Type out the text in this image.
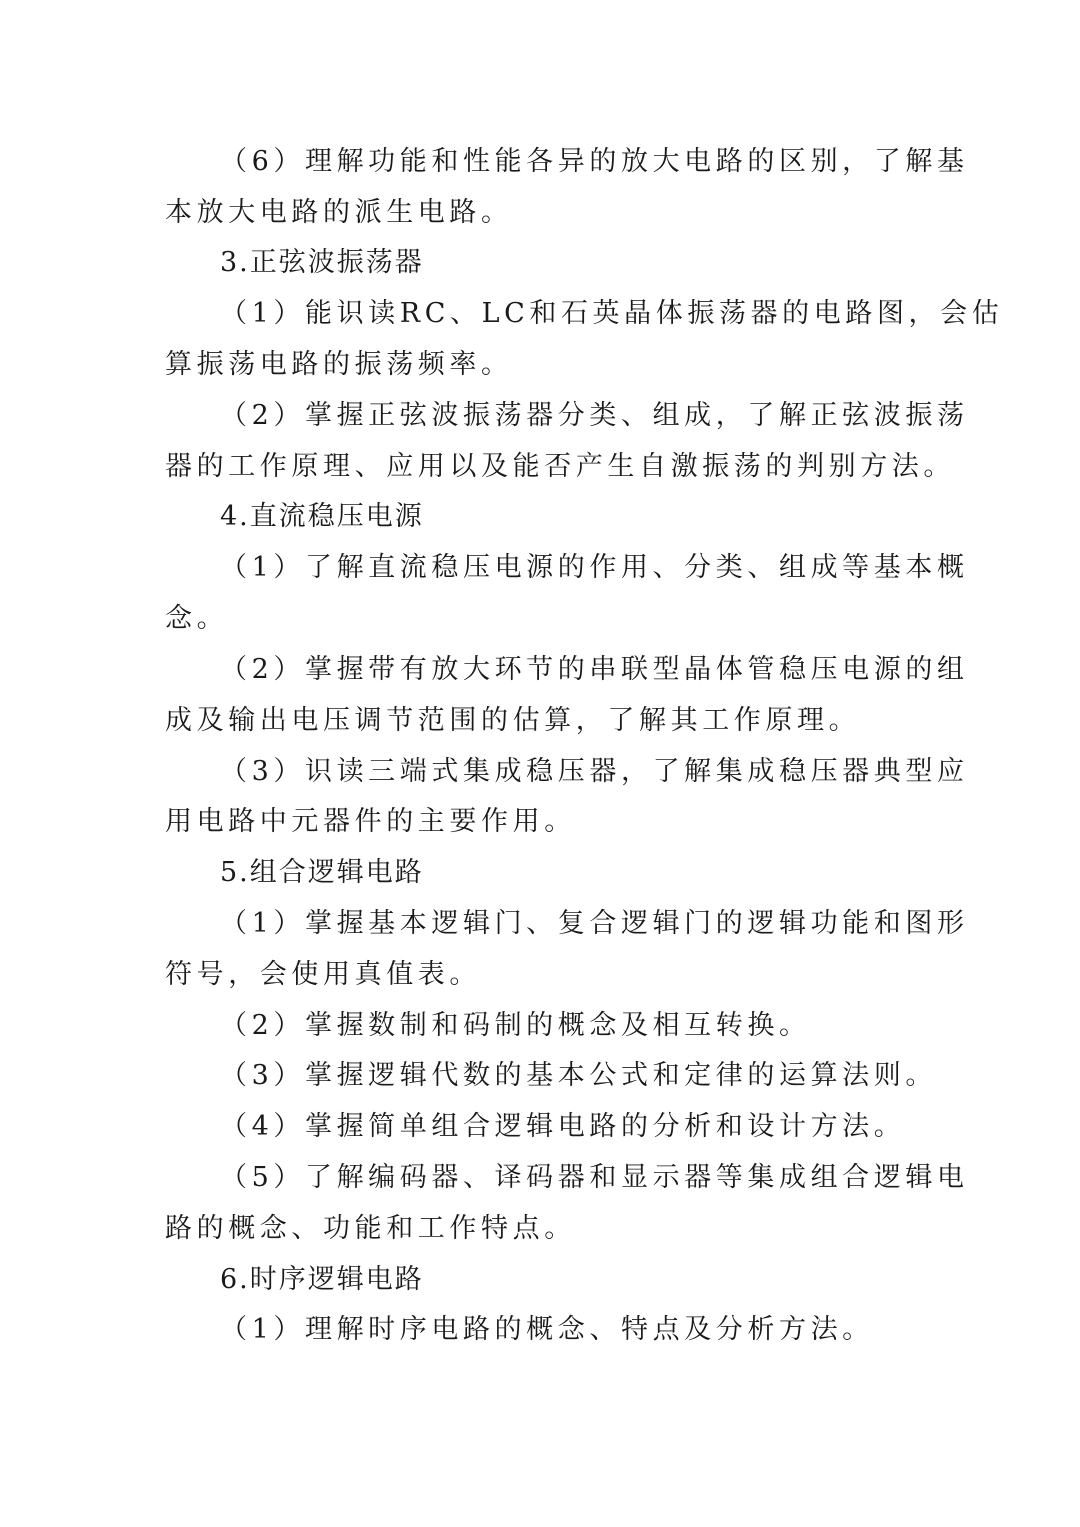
（6）理解功能和性能各异的放大电路的区别，了解基
本放大电路的派生电路。
3.正弦波振荡器
（1）能识读RC、LC和石英晶体振荡器的电路图，会估
算振荡电路的振荡频率。
（2）掌握正弦波振荡器分类、组成，了解正弦波振荡
器的工作原理、应用以及能否产生自激振荡的判别方法。
4.直流稳压电源
（1）了解直流稳压电源的作用、分类、组成等基本概
念。
（2）掌握带有放大环节的串联型晶体管稳压电源的组
成及输出电压调节范围的估算，了解其工作原理。
（3）识读三端式集成稳压器，了解集成稳压器典型应
用电路中元器件的主要作用。
5.组合逻辑电路
（1）掌握基本逻辑门、复合逻辑门的逻辑功能和图形
符号，会使用真值表。
（2）掌握数制和码制的概念及相互转换。
（3）掌握逻辑代数的基本公式和定律的运算法则。
（4）掌握简单组合逻辑电路的分析和设计方法。
（5）了解编码器、译码器和显示器等集成组合逻辑电
路的概念、功能和工作特点。
6.时序逻辑电路
（1）理解时序电路的概念、特点及分析方法。
